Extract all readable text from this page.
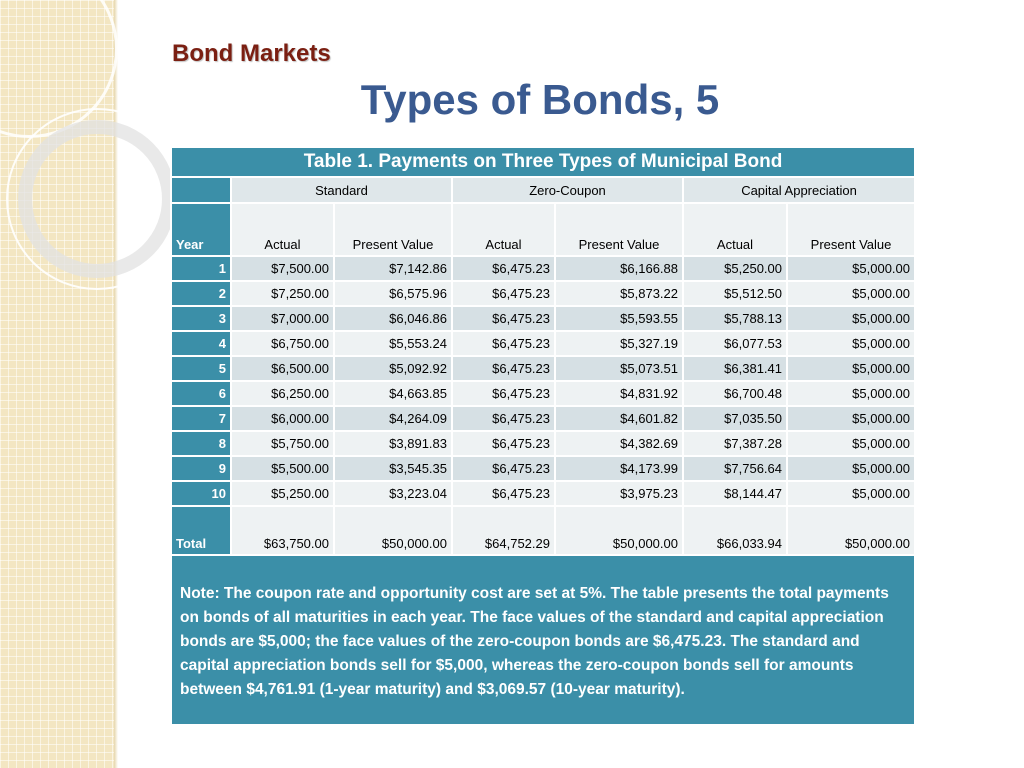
Bond Markets
Types of Bonds, 5
Table 1. Payments on Three Types of Municipal Bond						
	Standard		Zero-Coupon		Capital Appreciation	
Year	Actual	Present Value	Actual	Present Value	Actual	Present Value
1	$7,500.00	$7,142.86	$6,475.23	$6,166.88	$5,250.00	$5,000.00
2	$7,250.00	$6,575.96	$6,475.23	$5,873.22	$5,512.50	$5,000.00
3	$7,000.00	$6,046.86	$6,475.23	$5,593.55	$5,788.13	$5,000.00
4	$6,750.00	$5,553.24	$6,475.23	$5,327.19	$6,077.53	$5,000.00
5	$6,500.00	$5,092.92	$6,475.23	$5,073.51	$6,381.41	$5,000.00
6	$6,250.00	$4,663.85	$6,475.23	$4,831.92	$6,700.48	$5,000.00
7	$6,000.00	$4,264.09	$6,475.23	$4,601.82	$7,035.50	$5,000.00
8	$5,750.00	$3,891.83	$6,475.23	$4,382.69	$7,387.28	$5,000.00
9	$5,500.00	$3,545.35	$6,475.23	$4,173.99	$7,756.64	$5,000.00
10	$5,250.00	$3,223.04	$6,475.23	$3,975.23	$8,144.47	$5,000.00
Total	$63,750.00	$50,000.00	$64,752.29	$50,000.00	$66,033.94	$50,000.00
Note: The coupon rate and opportunity cost are set at 5%. The table presents the total payments on bonds of all maturities in each year. The face values of the standard and capital appreciation bonds are $5,000; the face values of the zero-coupon bonds are $6,475.23. The standard and capital appreciation bonds sell for $5,000, whereas the zero-coupon bonds sell for amounts between $4,761.91 (1-year maturity) and $3,069.57 (10-year maturity).						
